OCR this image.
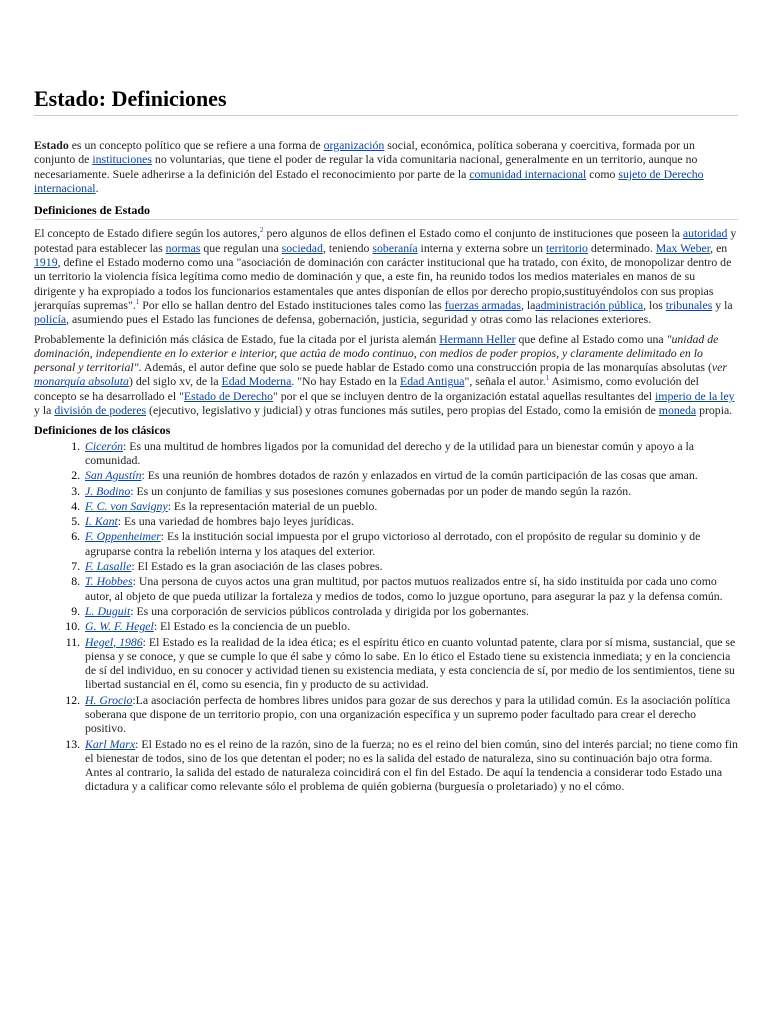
Estado: Definiciones

Estado es un concepto político que se refiere a una forma de organización social, económica, política soberana y coercitiva, formada por un conjunto de instituciones no voluntarias, que tiene el poder de regular la vida comunitaria nacional, generalmente en un territorio, aunque no necesariamente. Suele adherirse a la definición del Estado el reconocimiento por parte de la comunidad internacional como sujeto de Derecho internacional.

Definiciones de Estado

El concepto de Estado difiere según los autores,$^2$ pero algunos de ellos definen el Estado como el conjunto de instituciones que poseen la autoridad y potestad para establecer las normas que regulan una sociedad, teniendo soberanía interna y externa sobre un territorio determinado. Max Weber, en 1919, define el Estado moderno como una "asociación de dominación con carácter institucional que ha tratado, con éxito, de monopolizar dentro de un territorio la violencia física legítima como medio de dominación y que, a este fin, ha reunido todos los medios materiales en manos de su dirigente y ha expropiado a todos los funcionarios estamentales que antes disponían de ellos por derecho propio,sustituyéndolos con sus propias jerarquías supremas".$^1$ Por ello se hallan dentro del Estado instituciones tales como las fuerzas armadas, laadministración pública, los tribunales y la policía, asumiendo pues el Estado las funciones de defensa, gobernación, justicia, seguridad y otras como las relaciones exteriores.

Probablemente la definición más clásica de Estado, fue la citada por el jurista alemán Hermann Heller que define al Estado como una "unidad de dominación, independiente en lo exterior e interior, que actúa de modo continuo, con medios de poder propios, y claramente delimitado en lo personal y territorial". Además, el autor define que solo se puede hablar de Estado como una construcción propia de las monarquías absolutas (ver monarquía absoluta) del siglo xv, de la Edad Moderna. "No hay Estado en la Edad Antigua", señala el autor.$^1$ Asimismo, como evolución del concepto se ha desarrollado el "Estado de Derecho" por el que se incluyen dentro de la organización estatal aquellas resultantes del imperio de la ley y la división de poderes (ejecutivo, legislativo y judicial) y otras funciones más sutiles, pero propias del Estado, como la emisión de moneda propia.

Definiciones de los clásicos
1. Cicerón: Es una multitud de hombres ligados por la comunidad del derecho y de la utilidad para un bienestar común y apoyo a la comunidad.
2. San Agustín: Es una reunión de hombres dotados de razón y enlazados en virtud de la común participación de las cosas que aman.
3. J. Bodino: Es un conjunto de familias y sus posesiones comunes gobernadas por un poder de mando según la razón.
4. F. C. von Savigny: Es la representación material de un pueblo.
5. I. Kant: Es una variedad de hombres bajo leyes jurídicas.
6. F. Oppenheimer: Es la institución social impuesta por el grupo victorioso al derrotado, con el propósito de regular su dominio y de agruparse contra la rebelión interna y los ataques del exterior.
7. F. Lasalle: El Estado es la gran asociación de las clases pobres.
8. T. Hobbes: Una persona de cuyos actos una gran multitud, por pactos mutuos realizados entre sí, ha sido instituida por cada uno como autor, al objeto de que pueda utilizar la fortaleza y medios de todos, como lo juzgue oportuno, para asegurar la paz y la defensa común.
9. L. Duguit: Es una corporación de servicios públicos controlada y dirigida por los gobernantes.
10. G. W. F. Hegel: El Estado es la conciencia de un pueblo.
11. Hegel, 1986: El Estado es la realidad de la idea ética; es el espíritu ético en cuanto voluntad patente, clara por sí misma, sustancial, que se piensa y se conoce, y que se cumple lo que él sabe y cómo lo sabe. En lo ético el Estado tiene su existencia inmediata; y en la conciencia de sí del individuo, en su conocer y actividad tienen su existencia mediata, y esta conciencia de sí, por medio de los sentimientos, tiene su libertad sustancial en él, como su esencia, fin y producto de su actividad.
12. H. Grocio:La asociación perfecta de hombres libres unidos para gozar de sus derechos y para la utilidad común. Es la asociación política soberana que dispone de un territorio propio, con una organización específica y un supremo poder facultado para crear el derecho positivo.
13. Karl Marx: El Estado no es el reino de la razón, sino de la fuerza; no es el reino del bien común, sino del interés parcial; no tiene como fin el bienestar de todos, sino de los que detentan el poder; no es la salida del estado de naturaleza, sino su continuación bajo otra forma. Antes al contrario, la salida del estado de naturaleza coincidirá con el fin del Estado. De aquí la tendencia a considerar todo Estado una dictadura y a calificar como relevante sólo el problema de quién gobierna (burguesía o proletariado) y no el cómo.
